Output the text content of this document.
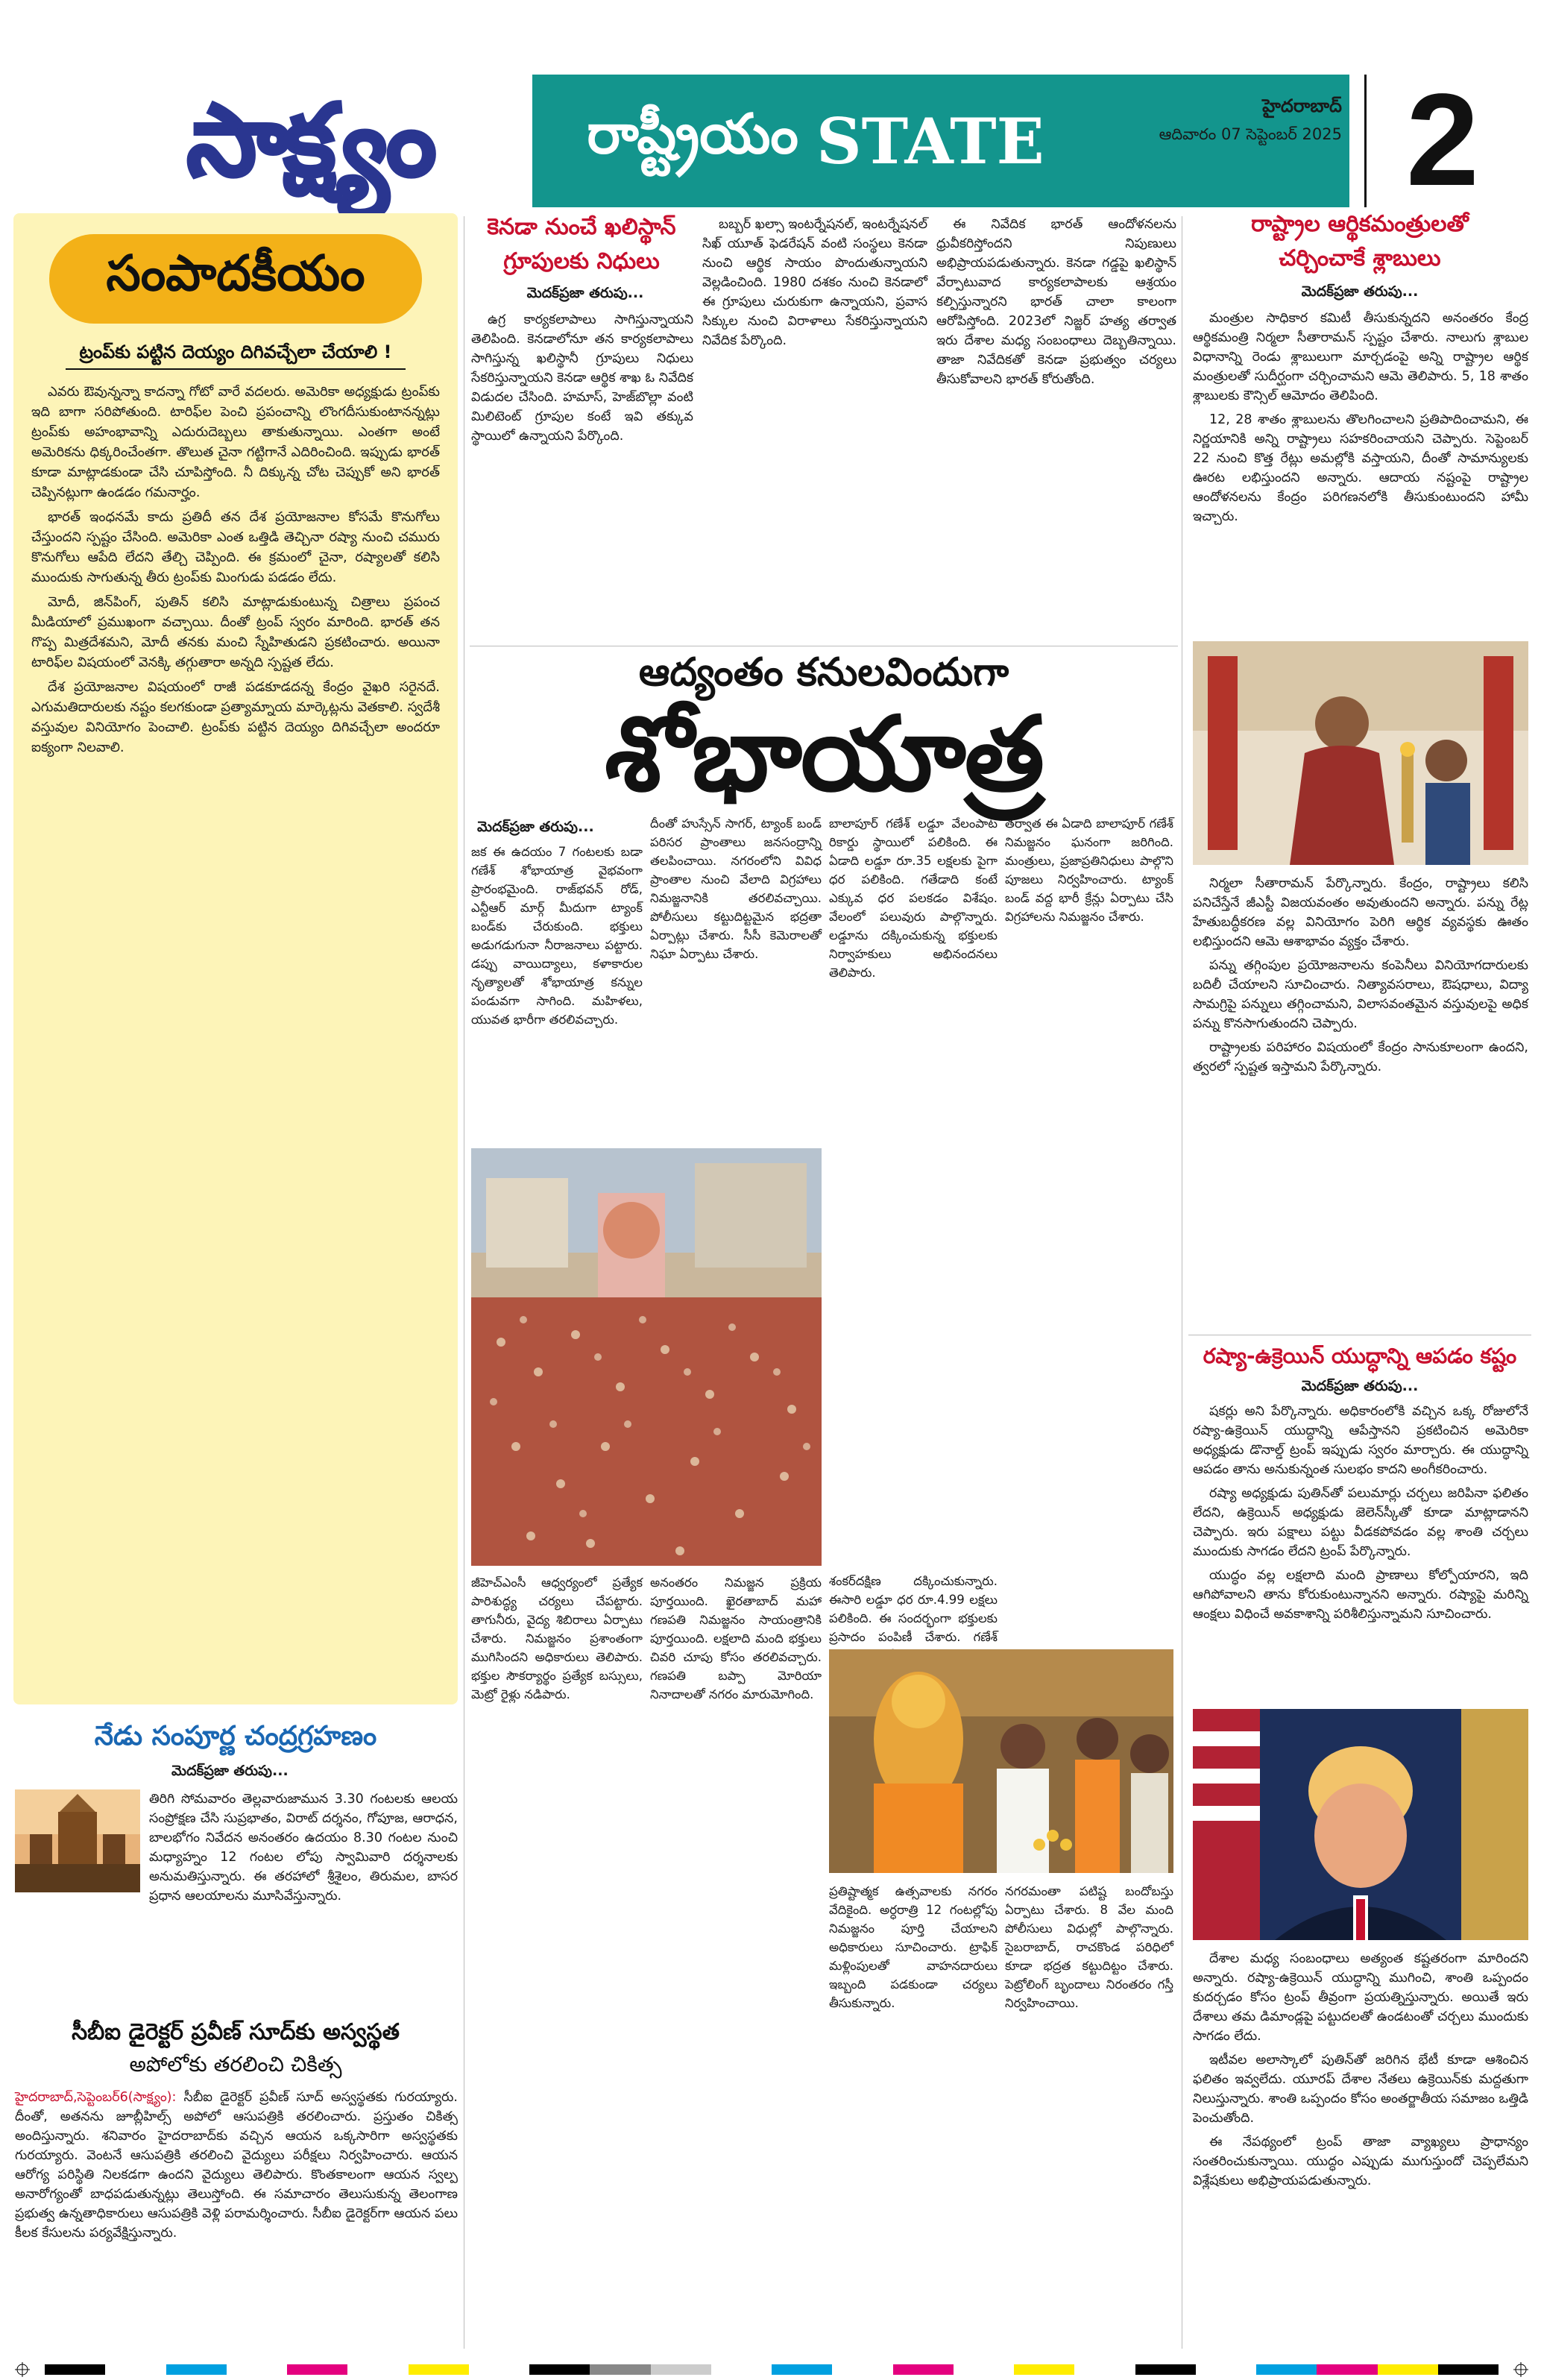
సాక్ష్యం	రాష్ట్రీయం STATE	హైదరాబాద్
ఆదివారం 07 సెప్టెంబర్ 2025 2
సంపాదకీయం
ట్రంప్‌కు పట్టిన దెయ్యం దిగివచ్చేలా చేయాలి !

ఎవరు ఔవున్నన్నా కాదన్నా గోటో వారే వదలరు. అమెరికా అధ్యక్షుడు ట్రంప్‌కు ఇది బాగా సరిపోతుంది. టారిఫ్‌ల పెంచి ప్రపంచాన్ని లొంగదీసుకుంటానన్నట్లు ట్రంప్‌కు అహంభావాన్ని ఎదురుదెబ్బలు తాకుతున్నాయి. ఎంతగా అంటే అమెరికను ధిక్కరించేంతగా. తొలుత చైనా గట్టిగానే ఎదిరించింది. ఇప్పుడు భారత్ కూడా మాట్లాడకుండా చేసి చూపిస్తోంది. నీ దిక్కున్న చోట చెప్పుకో అని భారత్ చెప్పినట్లుగా ఉండడం గమనార్హం.

భారత్ ఇంధనమే కాదు ప్రతిదీ తన దేశ ప్రయోజనాల కోసమే కొనుగోలు చేస్తుందని స్పష్టం చేసింది. అమెరికా ఎంత ఒత్తిడి తెచ్చినా రష్యా నుంచి చమురు కొనుగోలు ఆపేది లేదని తేల్చి చెప్పింది. ఈ క్రమంలో చైనా, రష్యాలతో కలిసి ముందుకు సాగుతున్న తీరు ట్రంప్‌కు మింగుడు పడడం లేదు.

మోదీ, జిన్‌పింగ్, పుతిన్ కలిసి మాట్లాడుకుంటున్న చిత్రాలు ప్రపంచ మీడియాలో ప్రముఖంగా వచ్చాయి. దీంతో ట్రంప్ స్వరం మారింది. భారత్ తన గొప్ప మిత్రదేశమని, మోదీ తనకు మంచి స్నేహితుడని ప్రకటించారు. అయినా టారిఫ్‌ల విషయంలో వెనక్కి తగ్గుతారా అన్నది స్పష్టత లేదు.

దేశ ప్రయోజనాల విషయంలో రాజీ పడకూడదన్న కేంద్రం వైఖరి సరైనదే. ఎగుమతిదారులకు నష్టం కలగకుండా ప్రత్యామ్నాయ మార్కెట్లను వెతకాలి. స్వదేశీ వస్తువుల వినియోగం పెంచాలి. ట్రంప్‌కు పట్టిన దెయ్యం దిగివచ్చేలా అందరూ ఐక్యంగా నిలవాలి.

నేడు సంపూర్ణ చంద్రగ్రహణం
మెదక్‌ప్రజా తరుపు...
తిరిగి సోమవారం తెల్లవారుజామున 3.30 గంటలకు ఆలయ సంప్రోక్షణ చేసి సుప్రభాతం, విరాట్ దర్శనం, గోపూజ, ఆరాధన, బాలభోగం నివేదన అనంతరం ఉదయం 8.30 గంటల నుంచి మధ్యాహ్నం 12 గంటల లోపు స్వామివారి దర్శనాలకు అనుమతిస్తున్నారు. ఈ తరహాలో శ్రీశైలం, తిరుమల, బాసర ప్రధాన ఆలయాలను మూసివేస్తున్నారు.
సీబీఐ డైరెక్టర్ ప్రవీణ్ సూద్‌కు అస్వస్థత
అపోలోకు తరలించి చికిత్స
హైదరాబాద్,సెప్టెంబర్6(సాక్ష్యం): సీబీఐ డైరెక్టర్ ప్రవీణ్ సూద్ అస్వస్థతకు గురయ్యారు. దీంతో, అతనను జూబ్లీహిల్స్ అపోలో ఆసుపత్రికి తరలించారు. ప్రస్తుతం చికిత్స అందిస్తున్నారు. శనివారం హైదరాబాద్‌కు వచ్చిన ఆయన ఒక్కసారిగా అస్వస్థతకు గురయ్యారు. వెంటనే ఆసుపత్రికి తరలించి వైద్యులు పరీక్షలు నిర్వహించారు. ఆయన ఆరోగ్య పరిస్థితి నిలకడగా ఉందని వైద్యులు తెలిపారు. కొంతకాలంగా ఆయన స్వల్ప అనారోగ్యంతో బాధపడుతున్నట్లు తెలుస్తోంది. ఈ సమాచారం తెలుసుకున్న తెలంగాణ ప్రభుత్వ ఉన్నతాధికారులు ఆసుపత్రికి వెళ్లి పరామర్శించారు. సీబీఐ డైరెక్టర్‌గా ఆయన పలు కీలక కేసులను పర్యవేక్షిస్తున్నారు.
కెనడా నుంచే ఖలిస్థాన్
గ్రూపులకు నిధులు
మెదక్‌ప్రజా తరుపు...

ఉగ్ర కార్యకలాపాలు సాగిస్తున్నాయని తెలిపింది. కెనడాలోనూ తన కార్యకలాపాలు సాగిస్తున్న ఖలిస్థానీ గ్రూపులు నిధులు సేకరిస్తున్నాయని కెనడా ఆర్థిక శాఖ ఓ నివేదిక విడుదల చేసింది. హమాస్, హెజ్‌బొల్లా వంటి మిలిటెంట్ గ్రూపుల కంటే ఇవి తక్కువ స్థాయిలో ఉన్నాయని పేర్కొంది.

బబ్బర్ ఖల్సా ఇంటర్నేషనల్, ఇంటర్నేషనల్ సిఖ్ యూత్ ఫెడరేషన్ వంటి సంస్థలు కెనడా నుంచి ఆర్థిక సాయం పొందుతున్నాయని వెల్లడించింది. 1980 దశకం నుంచి కెనడాలో ఈ గ్రూపులు చురుకుగా ఉన్నాయని, ప్రవాస సిక్కుల నుంచి విరాళాలు సేకరిస్తున్నాయని నివేదిక పేర్కొంది.

ఈ నివేదిక భారత్ ఆందోళనలను ధ్రువీకరిస్తోందని నిపుణులు అభిప్రాయపడుతున్నారు. కెనడా గడ్డపై ఖలిస్థాన్ వేర్పాటువాద కార్యకలాపాలకు ఆశ్రయం కల్పిస్తున్నారని భారత్ చాలా కాలంగా ఆరోపిస్తోంది. 2023లో నిజ్జర్ హత్య తర్వాత ఇరు దేశాల మధ్య సంబంధాలు దెబ్బతిన్నాయి. తాజా నివేదికతో కెనడా ప్రభుత్వం చర్యలు తీసుకోవాలని భారత్ కోరుతోంది.

రాష్ట్రాల ఆర్థికమంత్రులతో
చర్చించాకే శ్లాబులు
మెదక్‌ప్రజా తరుపు...

మంత్రుల సాధికార కమిటీ తీసుకున్నదని అనంతరం కేంద్ర ఆర్థికమంత్రి నిర్మలా సీతారామన్ స్పష్టం చేశారు. నాలుగు శ్లాబుల విధానాన్ని రెండు శ్లాబులుగా మార్చడంపై అన్ని రాష్ట్రాల ఆర్థిక మంత్రులతో సుదీర్ఘంగా చర్చించామని ఆమె తెలిపారు. 5, 18 శాతం శ్లాబులకు కౌన్సిల్ ఆమోదం తెలిపింది.

12, 28 శాతం శ్లాబులను తొలగించాలని ప్రతిపాదించామని, ఈ నిర్ణయానికి అన్ని రాష్ట్రాలు సహకరించాయని చెప్పారు. సెప్టెంబర్ 22 నుంచి కొత్త రేట్లు అమల్లోకి వస్తాయని, దీంతో సామాన్యులకు ఊరట లభిస్తుందని అన్నారు. ఆదాయ నష్టంపై రాష్ట్రాల ఆందోళనలను కేంద్రం పరిగణనలోకి తీసుకుంటుందని హామీ ఇచ్చారు.

నిర్మలా సీతారామన్ పేర్కొన్నారు. కేంద్రం, రాష్ట్రాలు కలిసి పనిచేస్తేనే జీఎస్టీ విజయవంతం అవుతుందని అన్నారు. పన్ను రేట్ల హేతుబద్ధీకరణ వల్ల వినియోగం పెరిగి ఆర్థిక వ్యవస్థకు ఊతం లభిస్తుందని ఆమె ఆశాభావం వ్యక్తం చేశారు.

పన్ను తగ్గింపుల ప్రయోజనాలను కంపెనీలు వినియోగదారులకు బదిలీ చేయాలని సూచించారు. నిత్యావసరాలు, ఔషధాలు, విద్యా సామగ్రిపై పన్నులు తగ్గించామని, విలాసవంతమైన వస్తువులపై అధిక పన్ను కొనసాగుతుందని చెప్పారు.

రాష్ట్రాలకు పరిహారం విషయంలో కేంద్రం సానుకూలంగా ఉందని, త్వరలో స్పష్టత ఇస్తామని పేర్కొన్నారు.

రష్యా-ఉక్రెయిన్ యుద్ధాన్ని ఆపడం కష్టం
మెదక్‌ప్రజా తరుపు...

షకర్లు అని పేర్కొన్నారు. అధికారంలోకి వచ్చిన ఒక్క రోజులోనే రష్యా-ఉక్రెయిన్ యుద్ధాన్ని ఆపేస్తానని ప్రకటించిన అమెరికా అధ్యక్షుడు డొనాల్డ్ ట్రంప్ ఇప్పుడు స్వరం మార్చారు. ఈ యుద్ధాన్ని ఆపడం తాను అనుకున్నంత సులభం కాదని అంగీకరించారు.

రష్యా అధ్యక్షుడు పుతిన్‌తో పలుమార్లు చర్చలు జరిపినా ఫలితం లేదని, ఉక్రెయిన్ అధ్యక్షుడు జెలెన్‌స్కీతో కూడా మాట్లాడానని చెప్పారు. ఇరు పక్షాలు పట్టు వీడకపోవడం వల్ల శాంతి చర్చలు ముందుకు సాగడం లేదని ట్రంప్ పేర్కొన్నారు.

యుద్ధం వల్ల లక్షలాది మంది ప్రాణాలు కోల్పోయారని, ఇది ఆగిపోవాలని తాను కోరుకుంటున్నానని అన్నారు. రష్యాపై మరిన్ని ఆంక్షలు విధించే అవకాశాన్ని పరిశీలిస్తున్నామని సూచించారు.

దేశాల మధ్య సంబంధాలు అత్యంత కష్టతరంగా మారిందని అన్నారు. రష్యా-ఉక్రెయిన్ యుద్ధాన్ని ముగించి, శాంతి ఒప్పందం కుదర్చడం కోసం ట్రంప్ తీవ్రంగా ప్రయత్నిస్తున్నారు. అయితే ఇరు దేశాలు తమ డిమాండ్లపై పట్టుదలతో ఉండటంతో చర్చలు ముందుకు సాగడం లేదు.

ఇటీవల అలాస్కాలో పుతిన్‌తో జరిగిన భేటీ కూడా ఆశించిన ఫలితం ఇవ్వలేదు. యూరప్ దేశాల నేతలు ఉక్రెయిన్‌కు మద్దతుగా నిలుస్తున్నారు. శాంతి ఒప్పందం కోసం అంతర్జాతీయ సమాజం ఒత్తిడి పెంచుతోంది.

ఈ నేపథ్యంలో ట్రంప్ తాజా వ్యాఖ్యలు ప్రాధాన్యం సంతరించుకున్నాయి. యుద్ధం ఎప్పుడు ముగుస్తుందో చెప్పలేమని విశ్లేషకులు అభిప్రాయపడుతున్నారు.

ఆద్యంతం కనులవిందుగా
శోభాయాత్ర
మెదక్‌ప్రజా తరుపు...
జక ఈ ఉదయం 7 గంటలకు బడా గణేశ్ శోభాయాత్ర వైభవంగా ప్రారంభమైంది. రాజ్‌భవన్ రోడ్, ఎన్టీఆర్ మార్గ్ మీదుగా ట్యాంక్ బండ్‌కు చేరుకుంది. భక్తులు అడుగడుగునా నీరాజనాలు పట్టారు. డప్పు వాయిద్యాలు, కళాకారుల నృత్యాలతో శోభాయాత్ర కన్నుల పండువగా సాగింది. మహిళలు, యువత భారీగా తరలివచ్చారు.
దీంతో హుస్సేన్ సాగర్, ట్యాంక్ బండ్ పరిసర ప్రాంతాలు జనసంద్రాన్ని తలపించాయి. నగరంలోని వివిధ ప్రాంతాల నుంచి వేలాది విగ్రహాలు నిమజ్జనానికి తరలివచ్చాయి. పోలీసులు కట్టుదిట్టమైన భద్రతా ఏర్పాట్లు చేశారు. సీసీ కెమెరాలతో నిఘా ఏర్పాటు చేశారు.
బాలాపూర్ గణేశ్ లడ్డూ వేలంపాట రికార్డు స్థాయిలో పలికింది. ఈ ఏడాది లడ్డూ రూ.35 లక్షలకు పైగా ధర పలికింది. గతేడాది కంటే ఎక్కువ ధర పలకడం విశేషం. వేలంలో పలువురు పాల్గొన్నారు. లడ్డూను దక్కించుకున్న భక్తులకు నిర్వాహకులు అభినందనలు తెలిపారు.
తర్వాత ఈ ఏడాది బాలాపూర్ గణేశ్ నిమజ్జనం ఘనంగా జరిగింది. మంత్రులు, ప్రజాప్రతినిధులు పాల్గొని పూజలు నిర్వహించారు. ట్యాంక్ బండ్ వద్ద భారీ క్రేన్లు ఏర్పాటు చేసి విగ్రహాలను నిమజ్జనం చేశారు.
జీహెచ్ఎంసీ ఆధ్వర్యంలో ప్రత్యేక పారిశుద్ధ్య చర్యలు చేపట్టారు. తాగునీరు, వైద్య శిబిరాలు ఏర్పాటు చేశారు. నిమజ్జనం ప్రశాంతంగా ముగిసిందని అధికారులు తెలిపారు. భక్తుల సౌకర్యార్థం ప్రత్యేక బస్సులు, మెట్రో రైళ్లు నడిపారు.
అనంతరం నిమజ్జన ప్రక్రియ పూర్తయింది. ఖైరతాబాద్ మహా గణపతి నిమజ్జనం సాయంత్రానికి పూర్తయింది. లక్షలాది మంది భక్తులు చివరి చూపు కోసం తరలివచ్చారు. గణపతి బప్పా మోరియా నినాదాలతో నగరం మారుమోగింది.
శంకర్‌దక్షిణ దక్కించుకున్నారు. ఈసారి లడ్డూ ధర రూ.4.99 లక్షలు పలికింది. ఈ సందర్భంగా భక్తులకు ప్రసాదం పంపిణీ చేశారు. గణేశ్
ప్రతిష్టాత్మక ఉత్సవాలకు నగరం వేదికైంది. అర్ధరాత్రి 12 గంటల్లోపు నిమజ్జనం పూర్తి చేయాలని అధికారులు సూచించారు. ట్రాఫిక్ మళ్లింపులతో వాహనదారులు ఇబ్బంది పడకుండా చర్యలు తీసుకున్నారు.
నగరమంతా పటిష్ట బందోబస్తు ఏర్పాటు చేశారు. 8 వేల మంది పోలీసులు విధుల్లో పాల్గొన్నారు. సైబరాబాద్, రాచకొండ పరిధిలో కూడా భద్రత కట్టుదిట్టం చేశారు. పెట్రోలింగ్ బృందాలు నిరంతరం గస్తీ నిర్వహించాయి.
